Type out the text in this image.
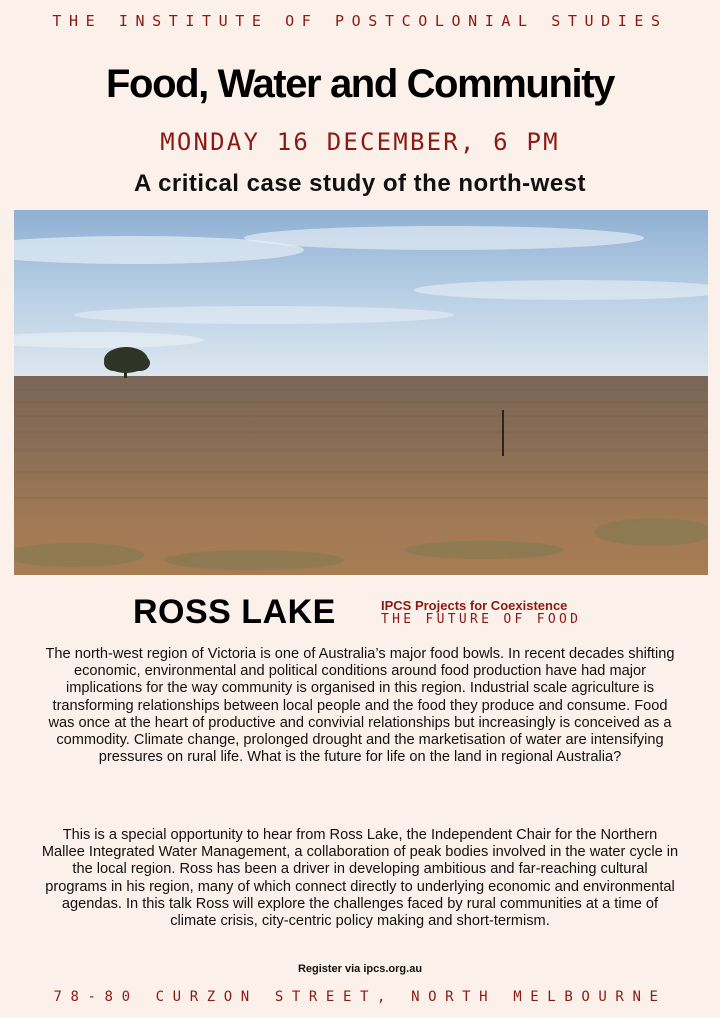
THE INSTITUTE OF POSTCOLONIAL STUDIES
Food, Water and Community
MONDAY 16 DECEMBER, 6 PM
A critical case study of the north-west
ROSS LAKE	IPCS Projects for Coexistence
THE FUTURE OF FOOD
The north-west region of Victoria is one of Australia’s major food bowls. In recent decades shifting economic, environmental and political conditions around food production have had major implications for the way community is organised in this region. Industrial scale agriculture is transforming relationships between local people and the food they produce and consume. Food was once at the heart of productive and convivial relationships but increasingly is conceived as a commodity. Climate change, prolonged drought and the marketisation of water are intensifying pressures on rural life. What is the future for life on the land in regional Australia?
This is a special opportunity to hear from Ross Lake, the Independent Chair for the Northern Mallee Integrated Water Management, a collaboration of peak bodies involved in the water cycle in the local region. Ross has been a driver in developing ambitious and far-reaching cultural programs in his region, many of which connect directly to underlying economic and environmental agendas. In this talk Ross will explore the challenges faced by rural communities at a time of climate crisis, city-centric policy making and short-termism.
Register via ipcs.org.au
78-80 CURZON STREET, NORTH MELBOURNE
